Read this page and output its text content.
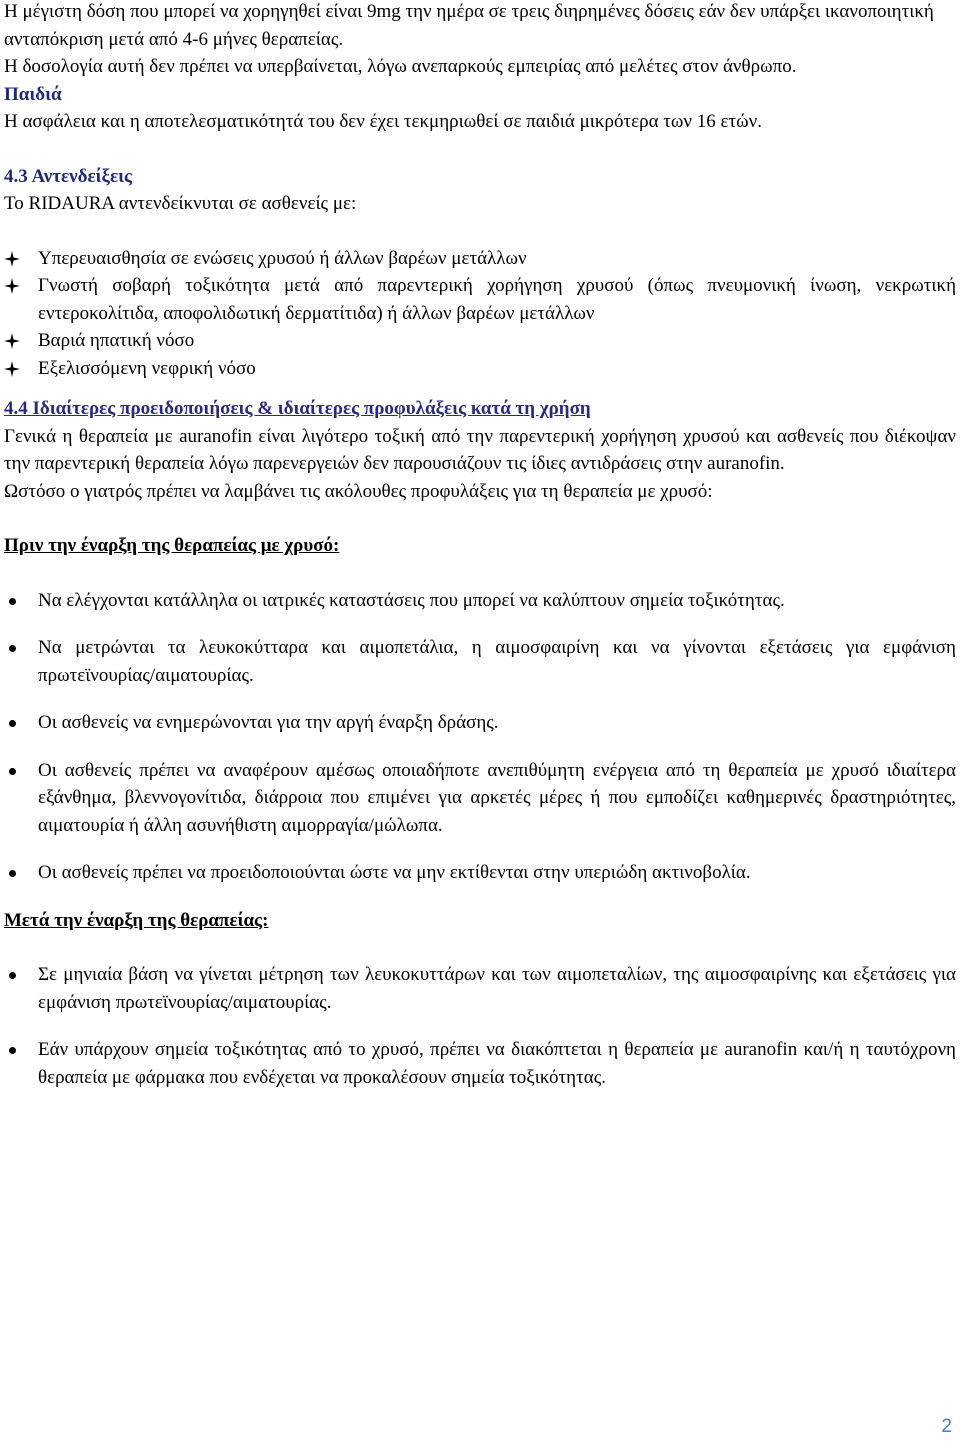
Η μέγιστη δόση που μπορεί να χορηγηθεί είναι 9mg την ημέρα σε τρεις διηρημένες δόσεις εάν δεν υπάρξει ικανοποιητική ανταπόκριση μετά από 4-6 μήνες θεραπείας.

Η δοσολογία αυτή δεν πρέπει να υπερβαίνεται, λόγω ανεπαρκούς εμπειρίας από μελέτες στον άνθρωπο.

Παιδιά

Η ασφάλεια και η αποτελεσματικότητά του δεν έχει τεκμηριωθεί σε παιδιά μικρότερα των 16 ετών.

4.3 Αντενδείξεις

Το RIDAURA αντενδείκνυται σε ασθενείς με:

Υπερευαισθησία σε ενώσεις χρυσού ή άλλων βαρέων μετάλλων
Γνωστή σοβαρή τοξικότητα μετά από παρεντερική χορήγηση χρυσού (όπως πνευμονική ίνωση, νεκρωτική εντεροκολίτιδα, αποφολιδωτική δερματίτιδα) ή άλλων βαρέων μετάλλων
Βαριά ηπατική νόσο
Εξελισσόμενη νεφρική νόσο

4.4 Ιδιαίτερες προειδοποιήσεις & ιδιαίτερες προφυλάξεις κατά τη χρήση

Γενικά η θεραπεία με auranofin είναι λιγότερο τοξική από την παρεντερική χορήγηση χρυσού και ασθενείς που διέκοψαν την παρεντερική θεραπεία λόγω παρενεργειών δεν παρουσιάζουν τις ίδιες αντιδράσεις στην auranofin.

Ωστόσο ο γιατρός πρέπει να λαμβάνει τις ακόλουθες προφυλάξεις για τη θεραπεία με χρυσό:

Πριν την έναρξη της θεραπείας με χρυσό:

Να ελέγχονται κατάλληλα οι ιατρικές καταστάσεις που μπορεί να καλύπτουν σημεία τοξικότητας.
Να μετρώνται τα λευκοκύτταρα και αιμοπετάλια, η αιμοσφαιρίνη και να γίνονται εξετάσεις για εμφάνιση πρωτεϊνουρίας/αιματουρίας.
Οι ασθενείς να ενημερώνονται για την αργή έναρξη δράσης.
Οι ασθενείς πρέπει να αναφέρουν αμέσως οποιαδήποτε ανεπιθύμητη ενέργεια από τη θεραπεία με χρυσό ιδιαίτερα εξάνθημα, βλεννογονίτιδα, διάρροια που επιμένει για αρκετές μέρες ή που εμποδίζει καθημερινές δραστηριότητες, αιματουρία ή άλλη ασυνήθιστη αιμορραγία/μώλωπα.
Οι ασθενείς πρέπει να προειδοποιούνται ώστε να μην εκτίθενται στην υπεριώδη ακτινοβολία.

Μετά την έναρξη της θεραπείας:

Σε μηνιαία βάση να γίνεται μέτρηση των λευκοκυττάρων και των αιμοπεταλίων, της αιμοσφαιρίνης και εξετάσεις για εμφάνιση πρωτεϊνουρίας/αιματουρίας.
Εάν υπάρχουν σημεία τοξικότητας από το χρυσό, πρέπει να διακόπτεται η θεραπεία με auranofin και/ή η ταυτόχρονη θεραπεία με φάρμακα που ενδέχεται να προκαλέσουν σημεία τοξικότητας.
2
